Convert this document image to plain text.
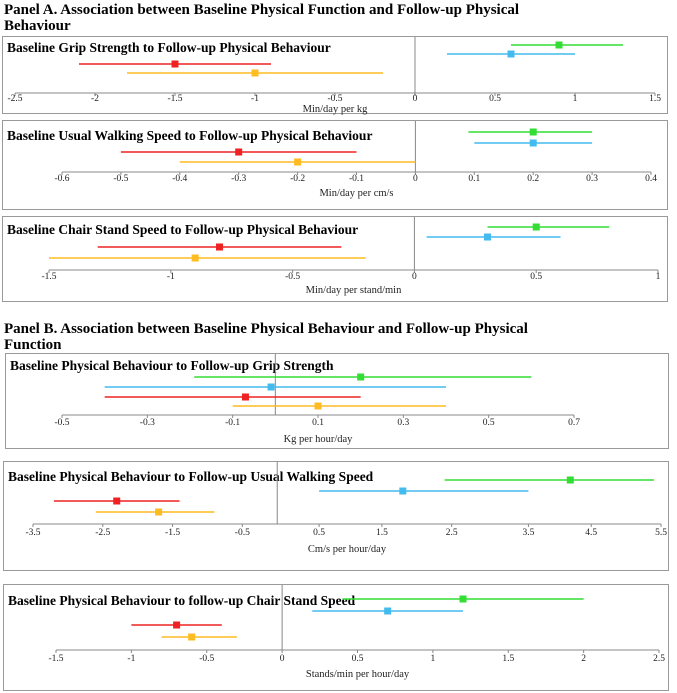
Panel A. Association between Baseline Physical Function and Follow-up Physical Behaviour
Baseline Grip Strength to Follow-up Physical Behaviour
-2.5	-2	-1.5	-1	-0.5	0	0.5	1	1.5
Min/day per kg
Baseline Usual Walking Speed to Follow-up Physical Behaviour
-0.6	-0.5	-0.4	-0.3	-0.2	-0.1	0	0.1	0.2	0.3	0.4
Min/day per cm/s
Baseline Chair Stand Speed to Follow-up Physical Behaviour
-1.5	-1	-0.5	0	0.5	1
Min/day per stand/min
Panel B. Association between Baseline Physical Behaviour and Follow-up Physical Function
Baseline Physical Behaviour to Follow-up Grip Strength
-0.5	-0.3	-0.1	0.1	0.3	0.5	0.7
Kg per hour/day
Baseline Physical Behaviour to Follow-up Usual Walking Speed
-3.5	-2.5	-1.5	-0.5	0.5	1.5	2.5	3.5	4.5	5.5
Cm/s per hour/day
Baseline Physical Behaviour to follow-up Chair Stand Speed
-1.5	-1	-0.5	0	0.5	1	1.5	2	2.5
Stands/min per hour/day
